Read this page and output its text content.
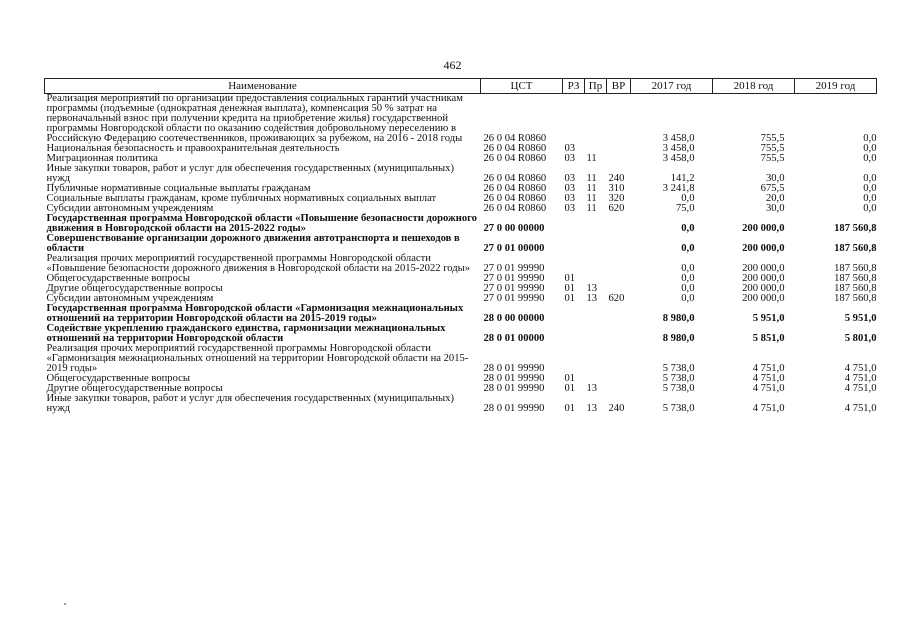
462
Наименование	ЦСТ	РЗ	Пр	ВР	2017 год	2018 год	2019 год
Реализация мероприятий по организации предоставления социальных гарантий участникам программы (подъемные (однократная денежная выплата), компенсация 50 % затрат на первоначальный взнос при получении кредита на приобретение жилья) государственной программы Новгородской области по оказанию содействия добровольному переселению в Российскую Федерацию соотечественников, проживающих за рубежом, на 2016 - 2018 годы	26 0 04 R0860				3 458,0	755,5	0,0
Национальная безопасность и правоохранительная деятельность	26 0 04 R0860	03			3 458,0	755,5	0,0
Миграционная политика	26 0 04 R0860	03	11		3 458,0	755,5	0,0
Иные закупки товаров, работ и услуг для обеспечения государственных (муниципальных) нужд	26 0 04 R0860	03	11	240	141,2	30,0	0,0
Публичные нормативные социальные выплаты гражданам	26 0 04 R0860	03	11	310	3 241,8	675,5	0,0
Социальные выплаты гражданам, кроме публичных нормативных социальных выплат	26 0 04 R0860	03	11	320	0,0	20,0	0,0
Субсидии автономным учреждениям	26 0 04 R0860	03	11	620	75,0	30,0	0,0
Государственная программа Новгородской области «Повышение безопасности дорожного движения в Новгородской области на 2015-2022 годы»	27 0 00 00000				0,0	200 000,0	187 560,8
Совершенствование организации дорожного движения автотранспорта и пешеходов в области	27 0 01 00000				0,0	200 000,0	187 560,8
Реализация прочих мероприятий государственной программы Новгородской области «Повышение безопасности дорожного движения в Новгородской области на 2015-2022 годы»	27 0 01 99990				0,0	200 000,0	187 560,8
Общегосударственные вопросы	27 0 01 99990	01			0,0	200 000,0	187 560,8
Другие общегосударственные вопросы	27 0 01 99990	01	13		0,0	200 000,0	187 560,8
Субсидии автономным учреждениям	27 0 01 99990	01	13	620	0,0	200 000,0	187 560,8
Государственная программа Новгородской области «Гармонизация межнациональных отношений на территории Новгородской области на 2015-2019 годы»	28 0 00 00000				8 980,0	5 951,0	5 951,0
Содействие укреплению гражданского единства, гармонизации межнациональных отношений на территории Новгородской области	28 0 01 00000				8 980,0	5 851,0	5 801,0
Реализация прочих мероприятий государственной программы Новгородской области «Гармонизация межнациональных отношений на территории Новгородской области на 2015-2019 годы»	28 0 01 99990				5 738,0	4 751,0	4 751,0
Общегосударственные вопросы	28 0 01 99990	01			5 738,0	4 751,0	4 751,0
Другие общегосударственные вопросы	28 0 01 99990	01	13		5 738,0	4 751,0	4 751,0
Иные закупки товаров, работ и услуг для обеспечения государственных (муниципальных) нужд	28 0 01 99990	01	13	240	5 738,0	4 751,0	4 751,0
